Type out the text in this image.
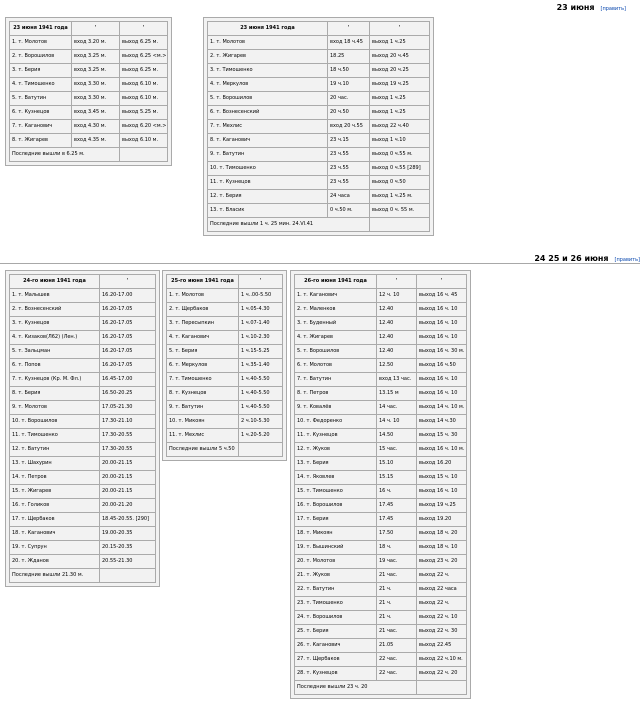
23 июня [править]
23 июня 1941 года	'	'
1. т. Молотов	вход 3.20 м.	выход 6.25 м.
2. т. Ворошилов	вход 3.25 м.	выход 6.25 <м.>
3. т. Берия	вход 3.25 м.	выход 6.25 м.
4. т. Тимошенко	вход 3.30 м.	выход 6.10 м.
5. т. Ватутин	вход 3.30 м.	выход 6.10 м.
6. т. Кузнецов	вход 3.45 м.	выход 5.25 м.
7. т. Каганович	вход 4.30 м.	выход 6.20 <м.>
8. т. Жигарев	вход 4.35 м.	выход 6.10 м.
Последние вышли в 6.25 м.		
23 июня 1941 года	'	'
1. т. Молотов	вход 18 ч.45	выход 1 ч.25
2. т. Жигарев	18.25	выход 20 ч.45
3. т. Тимошенко	18 ч.50	выход 20 ч.25
4. т. Меркулов	19 ч.10	выход 19 ч.25
5. т. Ворошилов	20 час.	выход 1 ч.25
6. т. Вознесенский	20 ч.50	выход 1 ч.25
7. т. Мехлис	вход 20 ч.55	выход 22 ч.40
8. т. Каганович	23 ч.15	выход 1 ч.10
9. т. Ватутин	23 ч.55	выход 0 ч.55 м.
10. т. Тимошенко	23 ч.55	выход 0 ч.55 [289]
11. т. Кузнецов	23 ч.55	выход 0 ч.50
12. т. Берия	24 часа	выход 1 ч.25 м.
13. т. Власик	0 ч.50 м.	выход 0 ч. 55 м.
Последние вышли 1 ч. 25 мин. 24.VI.41		
24 25 и 26 июня [править]
24-го июня 1941 года	'
1. т. Малышев	16.20-17.00
2. т. Вознесенский	16.20-17.05
3. т. Кузнецов	16.20-17.05
4. т. Кизаков(Л62) (Лен.)	16.20-17.05
5. т. Зальцман	16.20-17.05
6. т. Попов	16.20-17.05
7. т. Кузнецов (Кр. М. Фл.)	16.45-17.00
8. т. Берия	16.50-20.25
9. т. Молотов	17.05-21.30
10. т. Ворошилов	17.30-21.10
11. т. Тимошенко	17.30-20.55
12. т. Ватутин	17.30-20.55
13. т. Шахурин	20.00-21.15
14. т. Петров	20.00-21.15
15. т. Жигарев	20.00-21.15
16. т. Голиков	20.00-21.20
17. т. Щербаков	18.45-20.55. [290]
18. т. Каганович	19.00-20.35
19. т. Супрун	20.15-20.35
20. т. Жданов	20.55-21.30
Последние вышли 21.30 м.	
25-го июня 1941 года	'
1. т. Молотов	1 ч..00-5.50
2. т. Щербаков	1 ч.05-4.30
3. т. Пересыпкин	1 ч.07-1.40
4. т. Каганович	1 ч.10-2.30
5. т. Берия	1 ч.15-5.25
6. т. Меркулов	1 ч.35-1.40
7. т. Тимошенко	1 ч.40-5.50
8. т. Кузнецов	1 ч.40-5.50
9. т. Ватутин	1 ч.40-5.50
10. т. Микоян	2 ч.10-5.30
11. т. Мехлис	1 ч.20-5.20
Последние вышли 5 ч.50	
26-го июня 1941 года	'	'
1. т. Каганович	12 ч. 10	выход 16 ч. 45
2. т. Маленков	12.40	выход 16 ч. 10
3. т. Буденный	12.40	выход 16 ч. 10
4. т. Жигарев	12.40	выход 16 ч. 10
5. т. Ворошилов	12.40	выход 16 ч. 30 м.
6. т. Молотов	12.50	выход 16 ч.50
7. т. Ватутин	вход 13 час.	выход 16 ч. 10
8. т. Петров	13.15 м	выход 16 ч. 10
9. т. Ковалёв	14 час.	выход 14 ч. 10 м.
10. т. Федоренко	14 ч. 10	выход 14 ч.30
11. т. Кузнецов	14.50	выход 15 ч. 30
12. т. Жуков	15 час.	выход 16 ч. 10 м.
13. т. Берия	15.10	выход 16.20
14. т. Яковлев	15.15	выход 15 ч. 10
15. т. Тимошенко	16 ч.	выход 16 ч. 10
16. т. Ворошилов	17.45	выход 19 ч.25
17. т. Берия	17.45	выход 19.20
18. т. Микоян	17.50	выход 18 ч. 20
19. т. Вышинский	18 ч.	выход 18 ч. 10
20. т. Молотов	19 час.	выход 23 ч. 20
21. т. Жуков	21 час.	выход 22 ч.
22. т. Ватутин	21 ч.	выход 22 часа
23. т. Тимошенко	21 ч.	выход 22 ч.
24. т. Ворошилов	21 ч.	выход 22 ч. 10
25. т. Берия	21 час.	выход 22 ч. 30
26. т. Каганович	21.05	выход 22.45
27. т. Щербаков	22 час.	выход 22 ч.10 м.
28. т. Кузнецов	22 час.	выход 22 ч. 20
Последние вышли 23 ч. 20		
